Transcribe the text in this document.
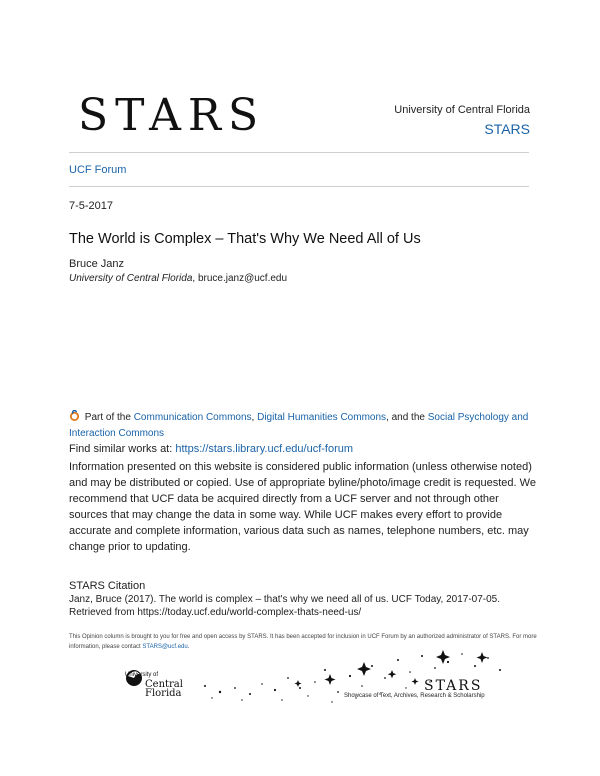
STARS	University of Central Florida
STARS
UCF Forum
7-5-2017
The World is Complex – That's Why We Need All of Us
Bruce Janz
University of Central Florida, bruce.janz@ucf.edu
Part of the Communication Commons, Digital Humanities Commons, and the Social Psychology and Interaction Commons
Find similar works at: https://stars.library.ucf.edu/ucf-forum
Information presented on this website is considered public information (unless otherwise noted) and may be distributed or copied. Use of appropriate byline/photo/image credit is requested. We recommend that UCF data be acquired directly from a UCF server and not through other sources that may change the data in some way. While UCF makes every effort to provide accurate and complete information, various data such as names, telephone numbers, etc. may change prior to updating.
STARS Citation
Janz, Bruce (2017). The world is complex – that's why we need all of us. UCF Today, 2017-07-05. Retrieved from https://today.ucf.edu/world-complex-thats-need-us/
This Opinion column is brought to you for free and open access by STARS. It has been accepted for inclusion in UCF Forum by an authorized administrator of STARS. For more information, please contact STARS@ucf.edu.
University of
Central
Florida	STARS
Showcase of Text, Archives, Research & Scholarship
